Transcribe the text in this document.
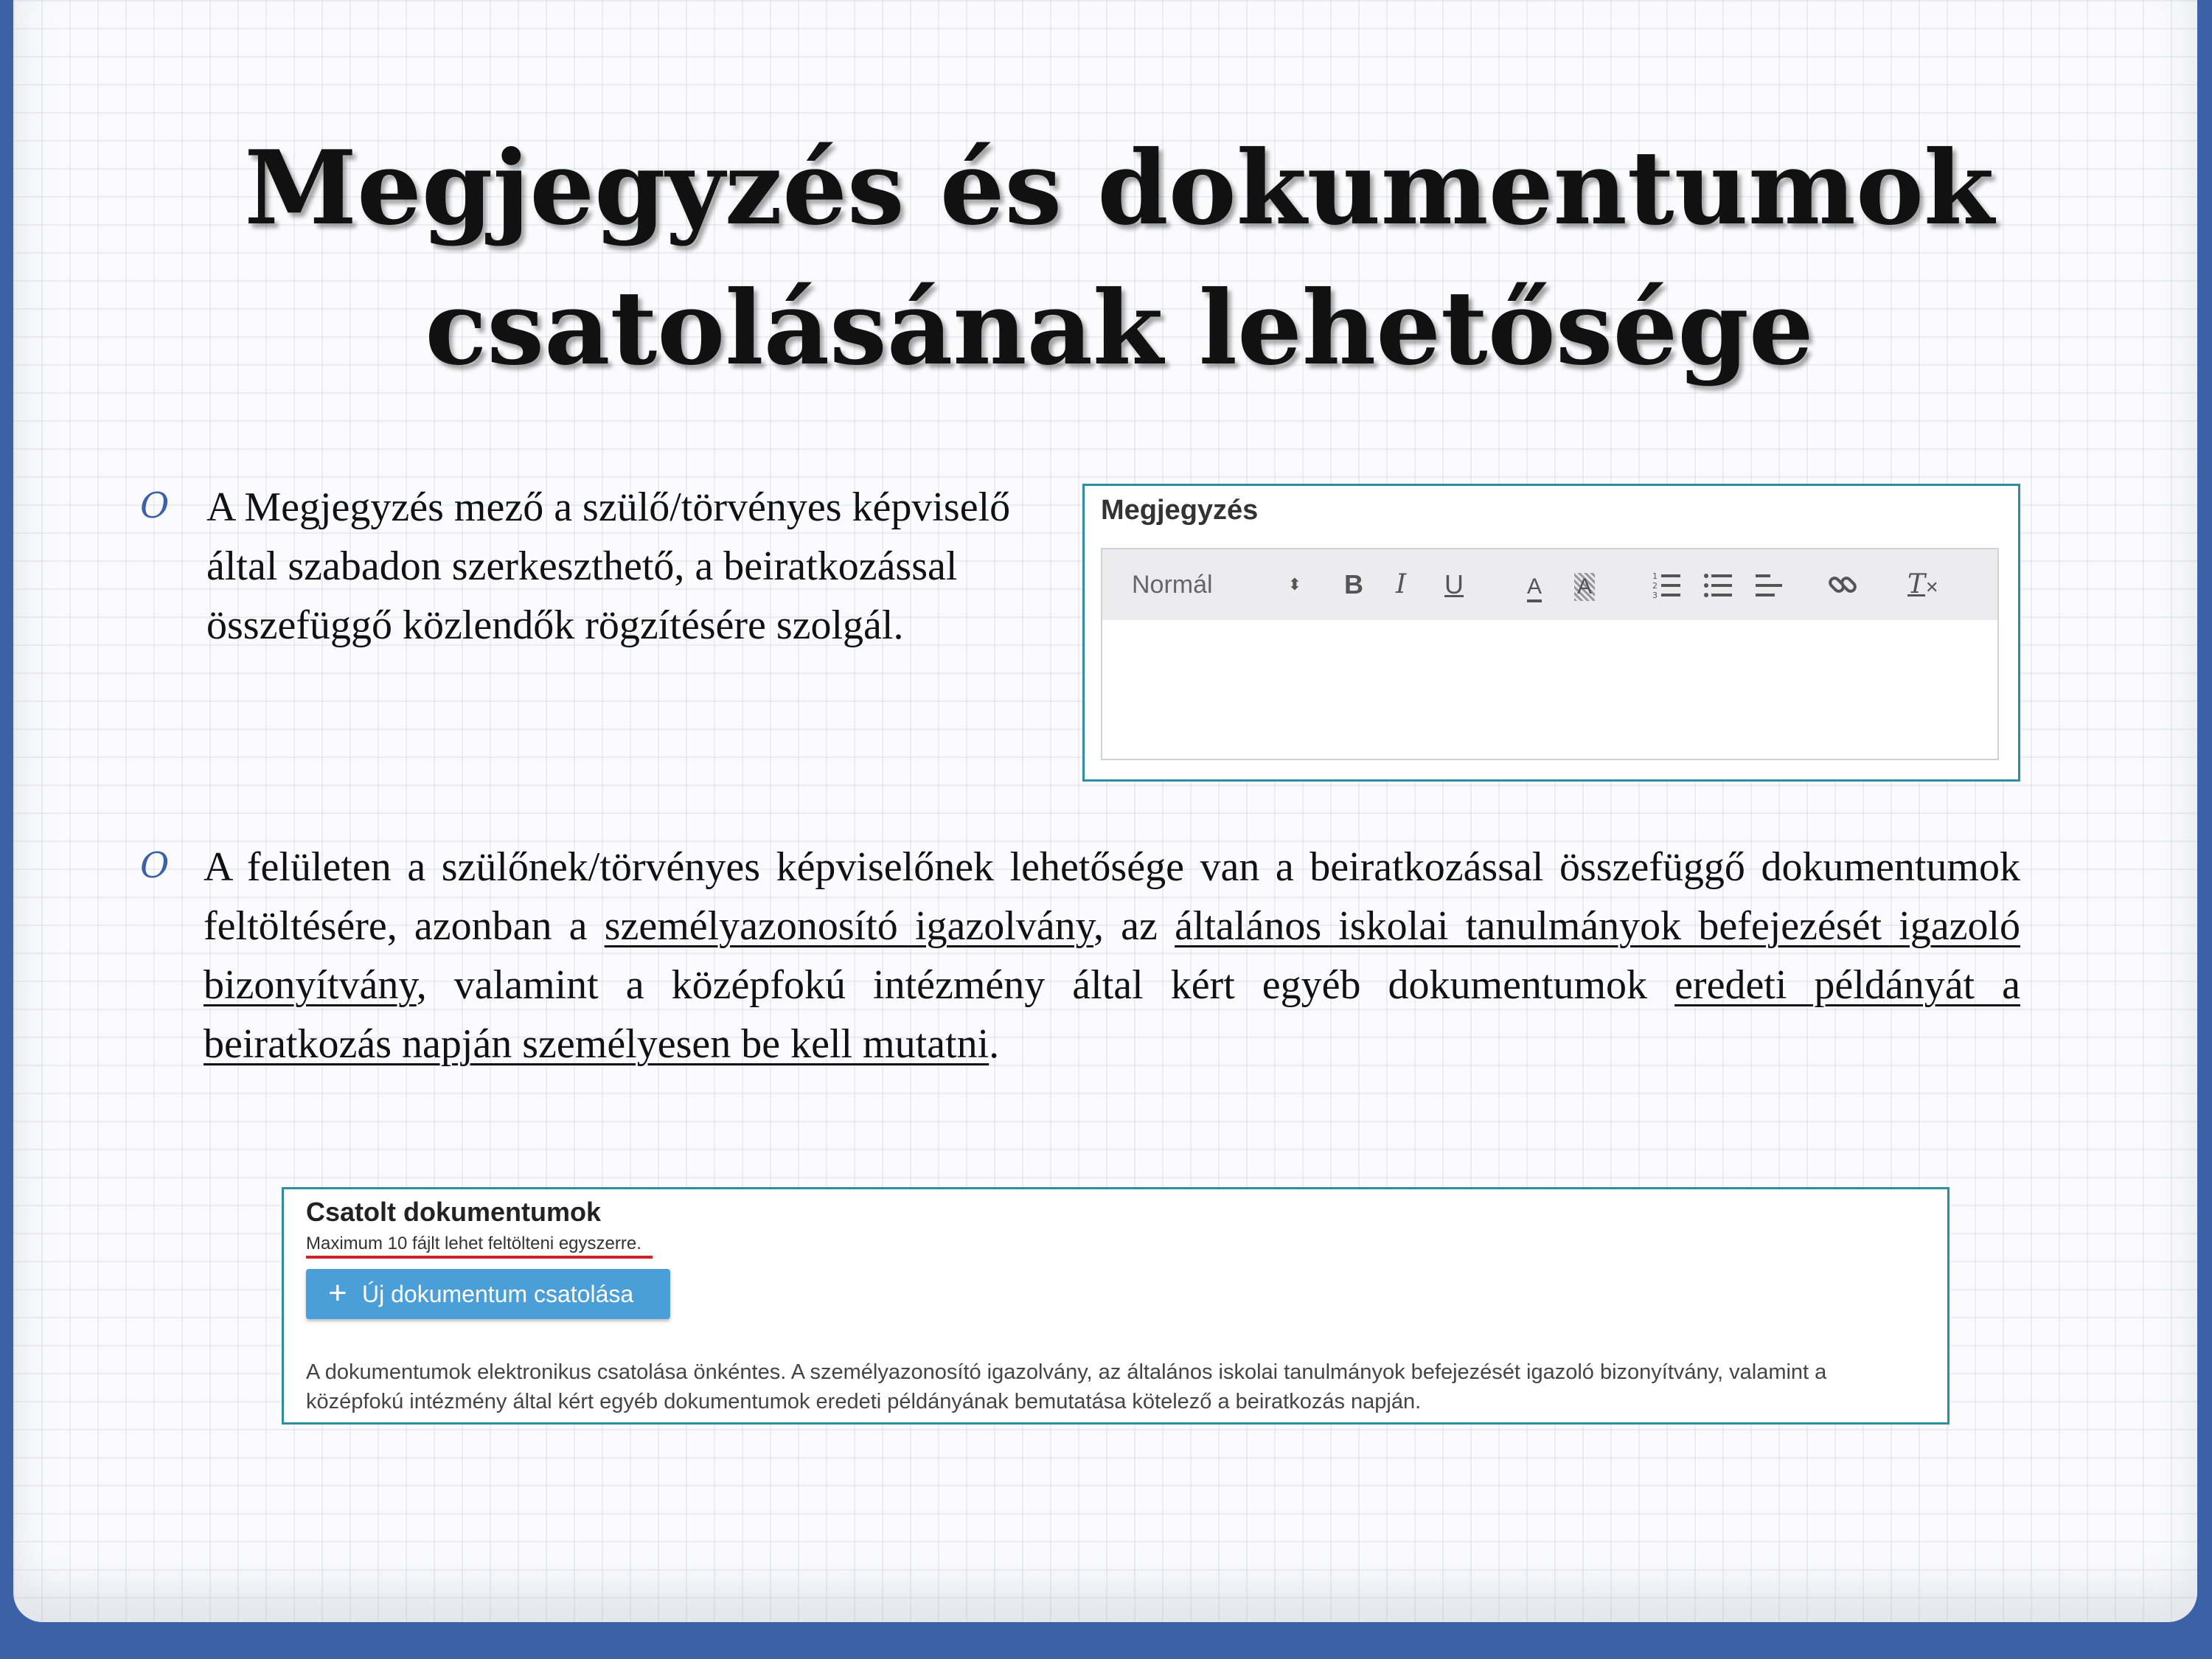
Megjegyzés és dokumentumok
csatolásának lehetősége
O A Megjegyzés mező a szülő/törvényes képviselő által szabadon szerkeszthető, a beiratkozással összefüggő közlendők rögzítésére szolgál.
Megjegyzés
Normál	⬍ B I U	A	A	1
2
3	T✕
O A felületen a szülőnek/törvényes képviselőnek lehetősége van a beiratkozással összefüggő dokumentumok feltöltésére, azonban a személyazonosító igazolvány, az általános iskolai tanulmányok befejezését igazoló bizonyítvány, valamint a középfokú intézmény által kért egyéb dokumentumok eredeti példányát a beiratkozás napján személyesen be kell mutatni.
Csatolt dokumentumok
Maximum 10 fájlt lehet feltölteni egyszerre.
+ Új dokumentum csatolása
A dokumentumok elektronikus csatolása önkéntes. A személyazonosító igazolvány, az általános iskolai tanulmányok befejezését igazoló bizonyítvány, valamint a középfokú intézmény által kért egyéb dokumentumok eredeti példányának bemutatása kötelező a beiratkozás napján.
